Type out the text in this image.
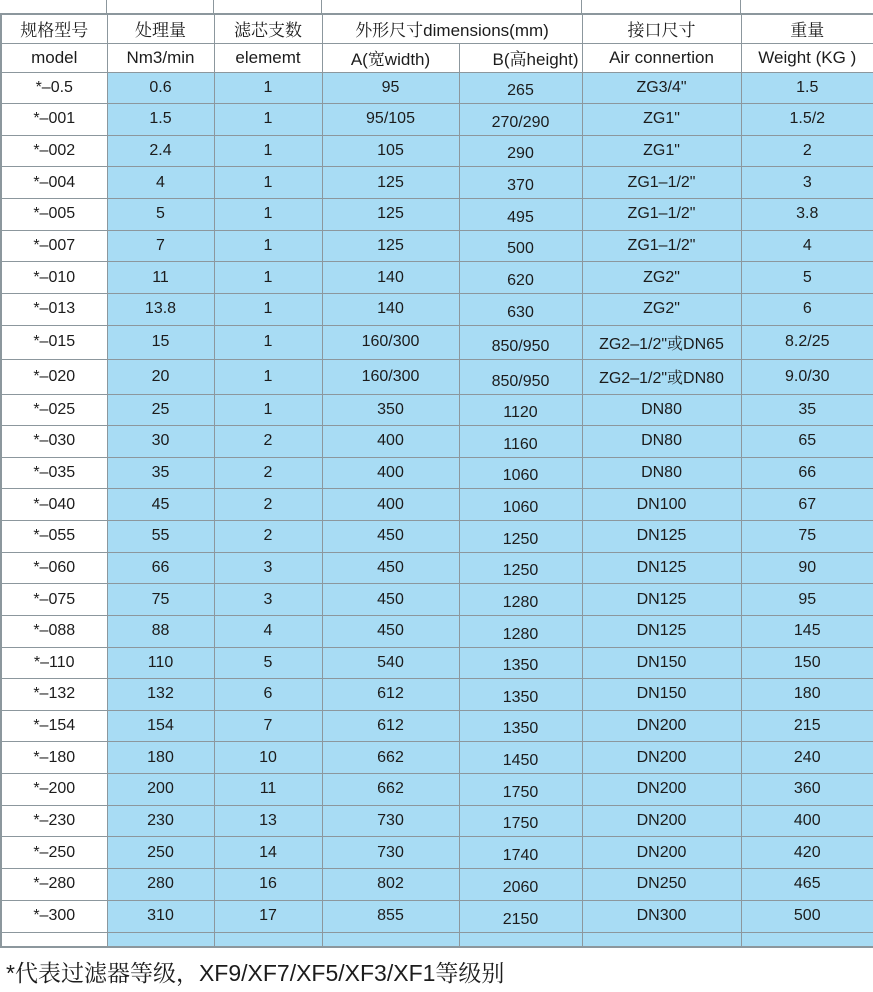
规格型号	处理量	滤芯支数	外形尺寸dimensions(mm)		接口尺寸	重量
model	Nm3/min	elememt	A(宽width)	B(高height)	Air connertion	Weight (KG )
*–0.5	0.6	1	95	265	ZG3/4"	1.5
*–001	1.5	1	95/105	270/290	ZG1"	1.5/2
*–002	2.4	1	105	290	ZG1"	2
*–004	4	1	125	370	ZG1–1/2"	3
*–005	5	1	125	495	ZG1–1/2"	3.8
*–007	7	1	125	500	ZG1–1/2"	4
*–010	11	1	140	620	ZG2"	5
*–013	13.8	1	140	630	ZG2"	6
*–015	15	1	160/300	850/950	ZG2–1/2"或DN65	8.2/25
*–020	20	1	160/300	850/950	ZG2–1/2"或DN80	9.0/30
*–025	25	1	350	1120	DN80	35
*–030	30	2	400	1160	DN80	65
*–035	35	2	400	1060	DN80	66
*–040	45	2	400	1060	DN100	67
*–055	55	2	450	1250	DN125	75
*–060	66	3	450	1250	DN125	90
*–075	75	3	450	1280	DN125	95
*–088	88	4	450	1280	DN125	145
*–110	110	5	540	1350	DN150	150
*–132	132	6	612	1350	DN150	180
*–154	154	7	612	1350	DN200	215
*–180	180	10	662	1450	DN200	240
*–200	200	11	662	1750	DN200	360
*–230	230	13	730	1750	DN200	400
*–250	250	14	730	1740	DN200	420
*–280	280	16	802	2060	DN250	465
*–300	310	17	855	2150	DN300	500

*代表过滤器等级，XF9/XF7/XF5/XF3/XF1等级别
